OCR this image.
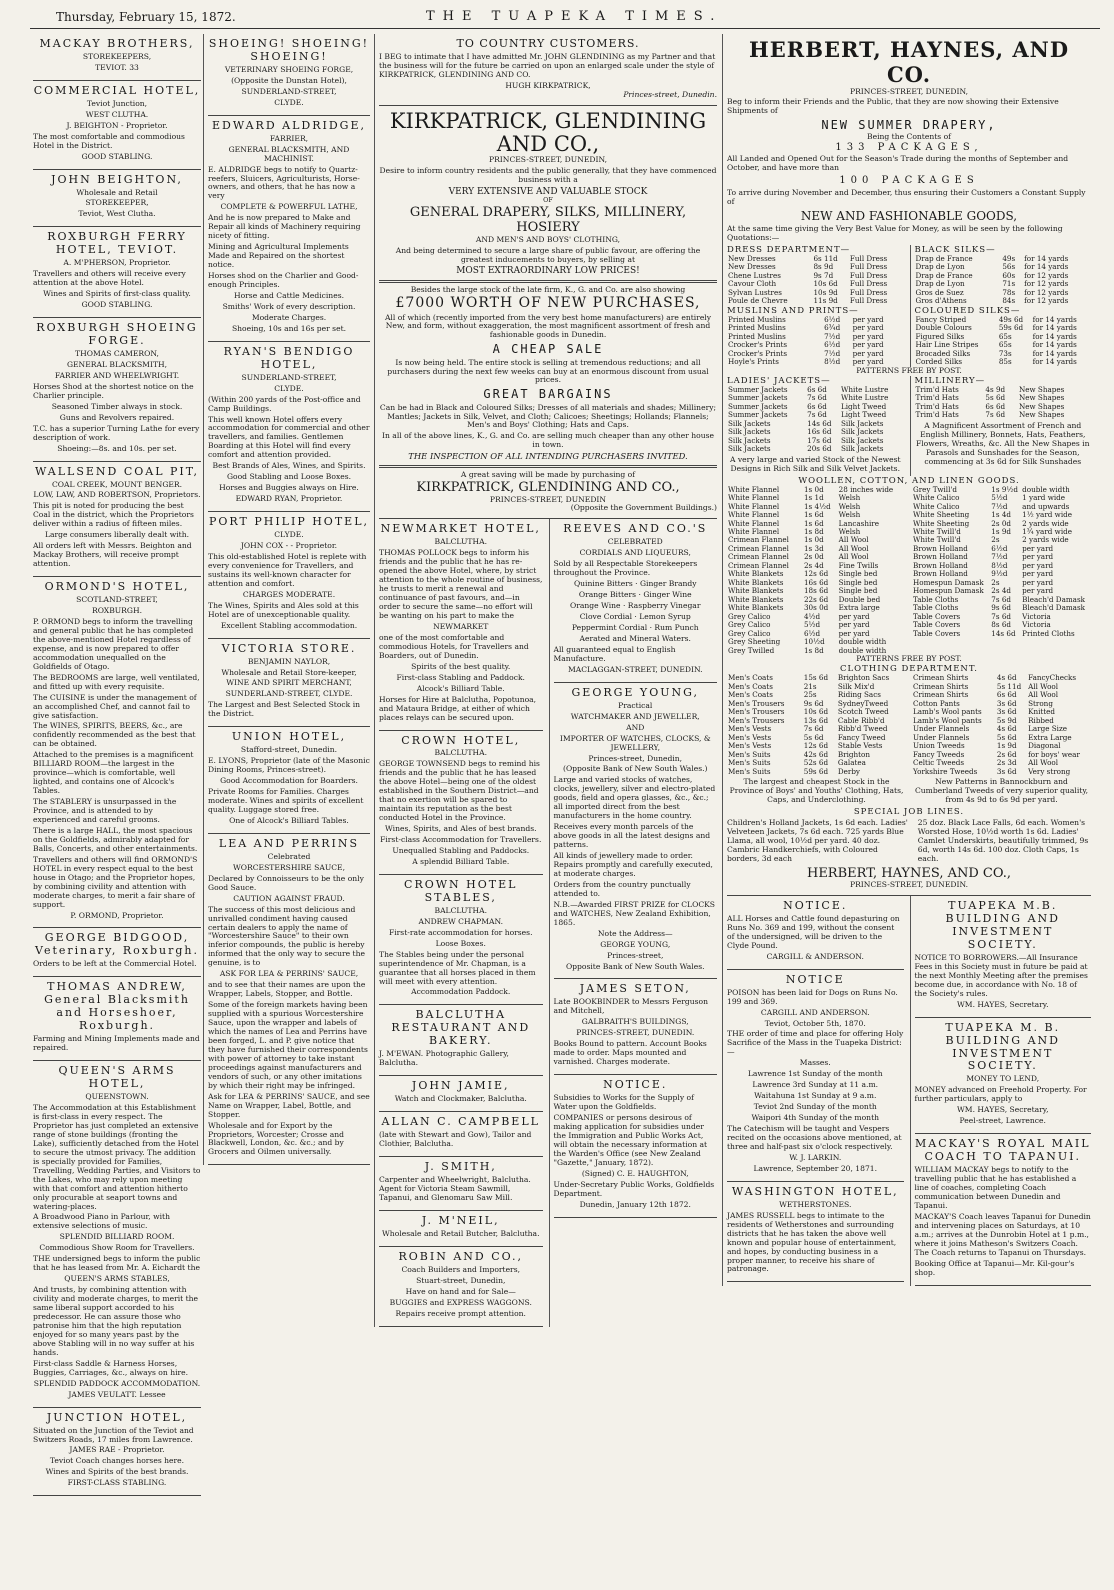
Thursday, February 15, 1872.	THE TUAPEKA TIMES.
MACKAY BROTHERS,

STOREKEEPERS,

TEVIOT. 33

COMMERCIAL HOTEL,

Teviot Junction,

WEST CLUTHA.

J. BEIGHTON - Proprietor.

The most comfortable and commodious Hotel in the District.

GOOD STABLING.

JOHN BEIGHTON,

Wholesale and Retail

STOREKEEPER,

Teviot, West Clutha.

ROXBURGH FERRY HOTEL, TEVIOT.

A. M'PHERSON, Proprietor.

Travellers and others will receive every attention at the above Hotel.

Wines and Spirits of first-class quality.

GOOD STABLING.

ROXBURGH SHOEING FORGE.

THOMAS CAMERON,

GENERAL BLACKSMITH,

FARRIER AND WHEELWRIGHT.

Horses Shod at the shortest notice on the Charlier principle.

Seasoned Timber always in stock.

Guns and Revolvers repaired.

T.C. has a superior Turning Lathe for every description of work.

Shoeing:—8s. and 10s. per set.

WALLSEND COAL PIT,

COAL CREEK, MOUNT BENGER.

LOW, LAW, AND ROBERTSON, Proprietors.

This pit is noted for producing the best Coal in the district, which the Proprietors deliver within a radius of fifteen miles.

Large consumers liberally dealt with.

All orders left with Messrs. Beighton and Mackay Brothers, will receive prompt attention.

ORMOND'S HOTEL,

SCOTLAND-STREET,

ROXBURGH.

P. ORMOND begs to inform the travelling and general public that he has completed the above-mentioned Hotel regardless of expense, and is now prepared to offer accommodation unequalled on the Goldfields of Otago.

The BEDROOMS are large, well ventilated, and fitted up with every requisite.

The CUISINE is under the management of an accomplished Chef, and cannot fail to give satisfaction.

The WINES, SPIRITS, BEERS, &c., are confidently recommended as the best that can be obtained.

Attached to the premises is a magnificent BILLIARD ROOM—the largest in the province—which is comfortable, well lighted, and contains one of Alcock's Tables.

The STABLERY is unsurpassed in the Province, and is attended to by experienced and careful grooms.

There is a large HALL, the most spacious on the Goldfields, admirably adapted for Balls, Concerts, and other entertainments.

Travellers and others will find ORMOND'S HOTEL in every respect equal to the best house in Otago; and the Proprietor hopes, by combining civility and attention with moderate charges, to merit a fair share of support.

P. ORMOND, Proprietor.

GEORGE BIDGOOD, Veterinary, Roxburgh.

Orders to be left at the Commercial Hotel.

THOMAS ANDREW, General Blacksmith and Horseshoer, Roxburgh.

Farming and Mining Implements made and repaired.

QUEEN'S ARMS HOTEL,

QUEENSTOWN.

The Accommodation at this Establishment is first-class in every respect. The Proprietor has just completed an extensive range of stone buildings (fronting the Lake), sufficiently detached from the Hotel to secure the utmost privacy. The addition is specially provided for Families, Travelling, Wedding Parties, and Visitors to the Lakes, who may rely upon meeting with that comfort and attention hitherto only procurable at seaport towns and watering-places.

A Broadwood Piano in Parlour, with extensive selections of music.

SPLENDID BILLIARD ROOM.

Commodious Show Room for Travellers.

THE undersigned begs to inform the public that he has leased from Mr. A. Eichardt the

QUEEN'S ARMS STABLES,

And trusts, by combining attention with civility and moderate charges, to merit the same liberal support accorded to his predecessor. He can assure those who patronise him that the high reputation enjoyed for so many years past by the above Stabling will in no way suffer at his hands.

First-class Saddle & Harness Horses, Buggies, Carriages, &c., always on hire.

SPLENDID PADDOCK ACCOMMODATION.

JAMES VEULATT. Lessee

JUNCTION HOTEL,

Situated on the Junction of the Teviot and Switzers Roads, 17 miles from Lawrence.

JAMES RAE - Proprietor.

Teviot Coach changes horses here.

Wines and Spirits of the best brands.

FIRST-CLASS STABLING.

SHOEING! SHOEING! SHOEING!

VETERINARY SHOEING FORGE,

(Opposite the Dunstan Hotel),

SUNDERLAND-STREET,

CLYDE.

EDWARD ALDRIDGE,

FARRIER,

GENERAL BLACKSMITH, AND MACHINIST.

E. ALDRIDGE begs to notify to Quartz-reefers, Sluicers, Agriculturists, Horse-owners, and others, that he has now a very

COMPLETE & POWERFUL LATHE,

And he is now prepared to Make and Repair all kinds of Machinery requiring nicety of fitting.

Mining and Agricultural Implements Made and Repaired on the shortest notice.

Horses shod on the Charlier and Good-enough Principles.

Horse and Cattle Medicines.

Smiths' Work of every description.

Moderate Charges.

Shoeing, 10s and 16s per set.

RYAN'S BENDIGO HOTEL,

SUNDERLAND-STREET,

CLYDE.

(Within 200 yards of the Post-office and Camp Buildings.

This well known Hotel offers every accommodation for commercial and other travellers, and families. Gentlemen Boarding at this Hotel will find every comfort and attention provided.

Best Brands of Ales, Wines, and Spirits.

Good Stabling and Loose Boxes.

Horses and Buggies always on Hire.

EDWARD RYAN, Proprietor.

PORT PHILIP HOTEL,

CLYDE.

JOHN COX - - Proprietor.

This old-established Hotel is replete with every convenience for Travellers, and sustains its well-known character for attention and comfort.

CHARGES MODERATE.

The Wines, Spirits and Ales sold at this Hotel are of unexceptionable quality.

Excellent Stabling accommodation.

VICTORIA STORE.

BENJAMIN NAYLOR,

Wholesale and Retail Store-keeper,

WINE AND SPIRIT MERCHANT,

SUNDERLAND-STREET, CLYDE.

The Largest and Best Selected Stock in the District.

UNION HOTEL,

Stafford-street, Dunedin.

E. LYONS, Proprietor (late of the Masonic Dining Rooms, Princes-street).

Good Accommodation for Boarders.

Private Rooms for Families. Charges moderate. Wines and spirits of excellent quality. Luggage stored free.

One of Alcock's Billiard Tables.

LEA AND PERRINS

Celebrated

WORCESTERSHIRE SAUCE,

Declared by Connoisseurs to be the only Good Sauce.

CAUTION AGAINST FRAUD.

The success of this most delicious and unrivalled condiment having caused certain dealers to apply the name of "Worcestershire Sauce" to their own inferior compounds, the public is hereby informed that the only way to secure the genuine, is to

ASK FOR LEA & PERRINS' SAUCE,

and to see that their names are upon the Wrapper, Labels, Stopper, and Bottle.

Some of the foreign markets having been supplied with a spurious Worcestershire Sauce, upon the wrapper and labels of which the names of Lea and Perrins have been forged, L. and P. give notice that they have furnished their correspondents with power of attorney to take instant proceedings against manufacturers and vendors of such, or any other imitations by which their right may be infringed.

Ask for LEA & PERRINS' SAUCE, and see Name on Wrapper, Label, Bottle, and Stopper.

Wholesale and for Export by the Proprietors, Worcester; Crosse and Blackwell, London, &c. &c.; and by Grocers and Oilmen universally.

TO COUNTRY CUSTOMERS.

I BEG to intimate that I have admitted Mr. JOHN GLENDINING as my Partner and that the business will for the future be carried on upon an enlarged scale under the style of KIRKPATRICK, GLENDINING AND CO.

HUGH KIRKPATRICK,
Princes-street, Dunedin.
KIRKPATRICK, GLENDINING AND CO.,
PRINCES-STREET, DUNEDIN,

Desire to inform country residents and the public generally, that they have commenced business with a

VERY EXTENSIVE AND VALUABLE STOCK
OF
GENERAL DRAPERY, SILKS, MILLINERY, HOSIERY
AND MEN'S AND BOYS' CLOTHING,

And being determined to secure a large share of public favour, are offering the greatest inducements to buyers, by selling at

MOST EXTRAORDINARY LOW PRICES!
Besides the large stock of the late firm, K., G. and Co. are also showing
£7000 WORTH OF NEW PURCHASES,

All of which (recently imported from the very best home manufacturers) are entirely New, and form, without exaggeration, the most magnificent assortment of fresh and fashionable goods in Dunedin.

A CHEAP SALE

Is now being held. The entire stock is selling at tremendous reductions; and all purchasers during the next few weeks can buy at an enormous discount from usual prices.

GREAT BARGAINS

Can be had in Black and Coloured Silks; Dresses of all materials and shades; Millinery; Mantles; Jackets in Silk, Velvet, and Cloth; Calicoes; Sheetings; Hollands; Flannels; Men's and Boys' Clothing; Hats and Caps.

In all of the above lines, K., G. and Co. are selling much cheaper than any other house in town.

THE INSPECTION OF ALL INTENDING PURCHASERS INVITED.
A great saving will be made by purchasing of
KIRKPATRICK, GLENDINING AND CO.,
PRINCES-STREET, DUNEDIN
(Opposite the Government Buildings.)
NEWMARKET HOTEL,

BALCLUTHA.

THOMAS POLLOCK begs to inform his friends and the public that he has re-opened the above Hotel, where, by strict attention to the whole routine of business, he trusts to merit a renewal and continuance of past favours, and—in order to secure the same—no effort will be wanting on his part to make the

NEWMARKET

one of the most comfortable and commodious Hotels, for Travellers and Boarders, out of Dunedin.

Spirits of the best quality.

First-class Stabling and Paddock.

Alcock's Billiard Table.

Horses for Hire at Balclutha, Popotunoa, and Mataura Bridge, at either of which places relays can be secured upon.

CROWN HOTEL,

BALCLUTHA.

GEORGE TOWNSEND begs to remind his friends and the public that he has leased the above Hotel—being one of the oldest established in the Southern District—and that no exertion will be spared to maintain its reputation as the best conducted Hotel in the Province.

Wines, Spirits, and Ales of best brands.

First-class Accommodation for Travellers.

Unequalled Stabling and Paddocks.

A splendid Billiard Table.

CROWN HOTEL STABLES,

BALCLUTHA.

ANDREW CHAPMAN.

First-rate accommodation for horses.

Loose Boxes.

The Stables being under the personal superintendence of Mr. Chapman, is a guarantee that all horses placed in them will meet with every attention.

Accommodation Paddock.

BALCLUTHA RESTAURANT AND BAKERY.

J. M'EWAN. Photographic Gallery, Balclutha.

JOHN JAMIE,

Watch and Clockmaker, Balclutha.

ALLAN C. CAMPBELL

(late with Stewart and Gow), Tailor and Clothier, Balclutha.

J. SMITH,

Carpenter and Wheelwright, Balclutha. Agent for Victoria Steam Sawmill, Tapanui, and Glenomaru Saw Mill.

J. M'NEIL,

Wholesale and Retail Butcher, Balclutha.

ROBIN AND CO.,

Coach Builders and Importers,

Stuart-street, Dunedin,

Have on hand and for Sale—

BUGGIES and EXPRESS WAGGONS.

Repairs receive prompt attention.

REEVES AND CO.'S

CELEBRATED

CORDIALS AND LIQUEURS,

Sold by all Respectable Storekeepers throughout the Province.

Quinine Bitters · Ginger Brandy

Orange Bitters · Ginger Wine

Orange Wine · Raspberry Vinegar

Clove Cordial · Lemon Syrup

Peppermint Cordial · Rum Punch

Aerated and Mineral Waters.

All guaranteed equal to English Manufacture.

MACLAGGAN-STREET, DUNEDIN.

GEORGE YOUNG,

Practical

WATCHMAKER AND JEWELLER,

AND

IMPORTER OF WATCHES, CLOCKS, & JEWELLERY,

Princes-street, Dunedin,

(Opposite Bank of New South Wales.)

Large and varied stocks of watches, clocks, jewellery, silver and electro-plated goods, field and opera glasses, &c., &c.; all imported direct from the best manufacturers in the home country.

Receives every month parcels of the above goods in all the latest designs and patterns.

All kinds of jewellery made to order. Repairs promptly and carefully executed, at moderate charges.

Orders from the country punctually attended to.

N.B.—Awarded FIRST PRIZE for CLOCKS and WATCHES, New Zealand Exhibition, 1865.

Note the Address—

GEORGE YOUNG,

Princes-street,

Opposite Bank of New South Wales.

JAMES SETON,

Late BOOKBINDER to Messrs Ferguson and Mitchell,

GALBRAITH'S BUILDINGS,

PRINCES-STREET, DUNEDIN.

Books Bound to pattern. Account Books made to order. Maps mounted and varnished. Charges moderate.

NOTICE.

Subsidies to Works for the Supply of Water upon the Goldfields.

COMPANIES or persons desirous of making application for subsidies under the Immigration and Public Works Act, will obtain the necessary information at the Warden's Office (see New Zealand "Gazette," January, 1872).

(Signed) C. E. HAUGHTON,

Under-Secretary Public Works, Goldfields Department.

Dunedin, January 12th 1872.

HERBERT, HAYNES, AND CO.
PRINCES-STREET, DUNEDIN,

Beg to inform their Friends and the Public, that they are now showing their Extensive Shipments of

NEW SUMMER DRAPERY,
Being the Contents of
133 PACKAGES,

All Landed and Opened Out for the Season's Trade during the months of September and October, and have more than

100 PACKAGES

To arrive during November and December, thus ensuring their Customers a Constant Supply of

NEW AND FASHIONABLE GOODS,

At the same time giving the Very Best Value for Money, as will be seen by the following Quotations:—

DRESS DEPARTMENT—
New Dresses	6s 11d	Full Dress
New Dresses	8s 9d	Full Dress
Chene Lustres	9s 7d	Full Dress
Cavour Cloth	10s 6d	Full Dress
Sylvan Lustres	10s 9d	Full Dress
Poule de Chevre	11s 9d	Full Dress
MUSLINS AND PRINTS—
Printed Muslins	6½d	per yard
Printed Muslins	6¾d	per yard
Printed Muslins	7½d	per yard
Crocker's Prints	6½d	per yard
Crocker's Prints	7½d	per yard
Hoyle's Prints	8½d	per yard
BLACK SILKS—
Drap de France	49s	for 14 yards
Drap de Lyon	56s	for 14 yards
Drap de France	60s	for 12 yards
Drap de Lyon	71s	for 12 yards
Gros de Suez	78s	for 12 yards
Gros d'Athens	84s	for 12 yards
COLOURED SILKS—
Fancy Striped	49s 6d	for 14 yards
Double Colours	59s 6d	for 14 yards
Figured Silks	65s	for 14 yards
Hair Line Stripes	65s	for 14 yards
Brocaded Silks	73s	for 14 yards
Corded Silks	85s	for 14 yards
PATTERNS FREE BY POST.
LADIES' JACKETS—
Summer Jackets	6s 6d	White Lustre
Summer Jackets	7s 6d	White Lustre
Summer Jackets	6s 6d	Light Tweed
Summer Jackets	7s 6d	Light Tweed
Silk Jackets	14s 6d	Silk Jackets
Silk Jackets	16s 6d	Silk Jackets
Silk Jackets	17s 6d	Silk Jackets
Silk Jackets	20s 6d	Silk Jackets

A very large and varied Stock of the Newest Designs in Rich Silk and Silk Velvet Jackets.

MILLINERY—
Trim'd Hats	4s 9d	New Shapes
Trim'd Hats	5s 6d	New Shapes
Trim'd Hats	6s 6d	New Shapes
Trim'd Hats	7s 6d	New Shapes

A Magnificent Assortment of French and English Millinery, Bonnets, Hats, Feathers, Flowers, Wreaths, &c. All the New Shapes in Parasols and Sunshades for the Season, commencing at 3s 6d for Silk Sunshades

WOOLLEN, COTTON, AND LINEN GOODS.
White Flannel	1s 0d	28 inches wide
White Flannel	1s 1d	Welsh
White Flannel	1s 4½d	Welsh
White Flannel	1s 6d	Welsh
White Flannel	1s 6d	Lancashire
White Flannel	1s 8d	Welsh
Crimean Flannel	1s 0d	All Wool
Crimean Flannel	1s 3d	All Wool
Crimean Flannel	2s 0d	All Wool
Crimean Flannel	2s 4d	Fine Twills
White Blankets	12s 6d	Single bed
White Blankets	16s 6d	Single bed
White Blankets	18s 6d	Single bed
White Blankets	22s 6d	Double bed
White Blankets	30s 0d	Extra large
Grey Calico	4½d	per yard
Grey Calico	5½d	per yard
Grey Calico	6½d	per yard
Grey Sheeting	10½d	double width
Grey Twilled	1s 8d	double width
Grey Twill'd	1s 9½d	double width
White Calico	5½d	1 yard wide
White Calico	7½d	and upwards
White Sheeting	1s 4d	1½ yard wide
White Sheeting	2s 0d	2 yards wide
White Twill'd	1s 9d	1¾ yard wide
White Twill'd	2s	2 yards wide
Brown Holland	6½d	per yard
Brown Holland	7½d	per yard
Brown Holland	8½d	per yard
Brown Holland	9½d	per yard
Homespun Damask	2s	per yard
Homespun Damask	2s 4d	per yard
Table Cloths	7s 6d	Bleach'd Damask
Table Cloths	9s 6d	Bleach'd Damask
Table Covers	7s 6d	Victoria
Table Covers	8s 6d	Victoria
Table Covers	14s 6d	Printed Cloths
PATTERNS FREE BY POST.
CLOTHING DEPARTMENT.
Men's Coats	15s 6d	Brighton Sacs
Men's Coats	21s	Silk Mix'd
Men's Coats	25s	Riding Sacs
Men's Trousers	9s 6d	SydneyTweed
Men's Trousers	10s 6d	Scotch Tweed
Men's Trousers	13s 6d	Cable Ribb'd
Men's Vests	7s 6d	Ribb'd Tweed
Men's Vests	5s 6d	Fancy Tweed
Men's Vests	12s 6d	Stable Vests
Men's Suits	42s 6d	Brighton
Men's Suits	52s 6d	Galatea
Men's Suits	59s 6d	Derby

The largest and cheapest Stock in the Province of Boys' and Youths' Clothing, Hats, Caps, and Underclothing.

Crimean Shirts	4s 6d	FancyChecks
Crimean Shirts	5s 11d	All Wool
Crimean Shirts	6s 6d	All Wool
Cotton Pants	3s 6d	Strong
Lamb's Wool pants	3s 6d	Knitted
Lamb's Wool pants	5s 9d	Ribbed
Under Flannels	4s 6d	Large Size
Under Flannels	5s 6d	Extra Large
Union Tweeds	1s 9d	Diagonal
Fancy Tweeds	2s 6d	for boys' wear
Celtic Tweeds	2s 3d	All Wool
Yorkshire Tweeds	3s 6d	Very strong

New Patterns in Bannockburn and Cumberland Tweeds of very superior quality, from 4s 9d to 6s 9d per yard.

SPECIAL JOB LINES.

Children's Holland Jackets, 1s 6d each. Ladies' Velveteen Jackets, 7s 6d each. 725 yards Blue Llama, all wool, 10½d per yard. 40 doz. Cambric Handkerchiefs, with Coloured borders, 3d each

25 doz. Black Lace Falls, 6d each. Women's Worsted Hose, 10½d worth 1s 6d. Ladies' Camlet Underskirts, beautifully trimmed, 9s 6d, worth 14s 6d. 100 doz. Cloth Caps, 1s each.

HERBERT, HAYNES, AND CO.,
PRINCES-STREET, DUNEDIN.
NOTICE.

ALL Horses and Cattle found depasturing on Runs No. 369 and 199, without the consent of the undersigned, will be driven to the Clyde Pound.

CARGILL & ANDERSON.

NOTICE

POISON has been laid for Dogs on Runs No. 199 and 369.

CARGILL AND ANDERSON.

Teviot, October 5th, 1870.

THE order of time and place for offering Holy Sacrifice of the Mass in the Tuapeka District:—

Masses.

Lawrence 1st Sunday of the month

Lawrence 3rd Sunday at 11 a.m.

Waitahuna 1st Sunday at 9 a.m.

Teviot 2nd Sunday of the month

Waipori 4th Sunday of the month

The Catechism will be taught and Vespers recited on the occasions above mentioned, at three and half-past six o'clock respectively.

W. J. LARKIN.

Lawrence, September 20, 1871.

WASHINGTON HOTEL,

WETHERSTONES.

JAMES RUSSELL begs to intimate to the residents of Wetherstones and surrounding districts that he has taken the above well known and popular house of entertainment, and hopes, by conducting business in a proper manner, to receive his share of patronage.

TUAPEKA M.B. BUILDING AND INVESTMENT SOCIETY.

NOTICE TO BORROWERS.—All Insurance Fees in this Society must in future be paid at the next Monthly Meeting after the premises become due, in accordance with No. 18 of the Society's rules.

WM. HAYES, Secretary.

TUAPEKA M. B. BUILDING AND INVESTMENT SOCIETY.

MONEY TO LEND,

MONEY advanced on Freehold Property. For further particulars, apply to

WM. HAYES, Secretary,

Peel-street, Lawrence.

MACKAY'S ROYAL MAIL COACH TO TAPANUI.

WILLIAM MACKAY begs to notify to the travelling public that he has established a line of coaches, completing Coach communication between Dunedin and Tapanui.

MACKAY'S Coach leaves Tapanui for Dunedin and intervening places on Saturdays, at 10 a.m.; arrives at the Dunrobin Hotel at 1 p.m., where it joins Matheson's Switzers Coach. The Coach returns to Tapanui on Thursdays.

Booking Office at Tapanui—Mr. Kil-gour's shop.
